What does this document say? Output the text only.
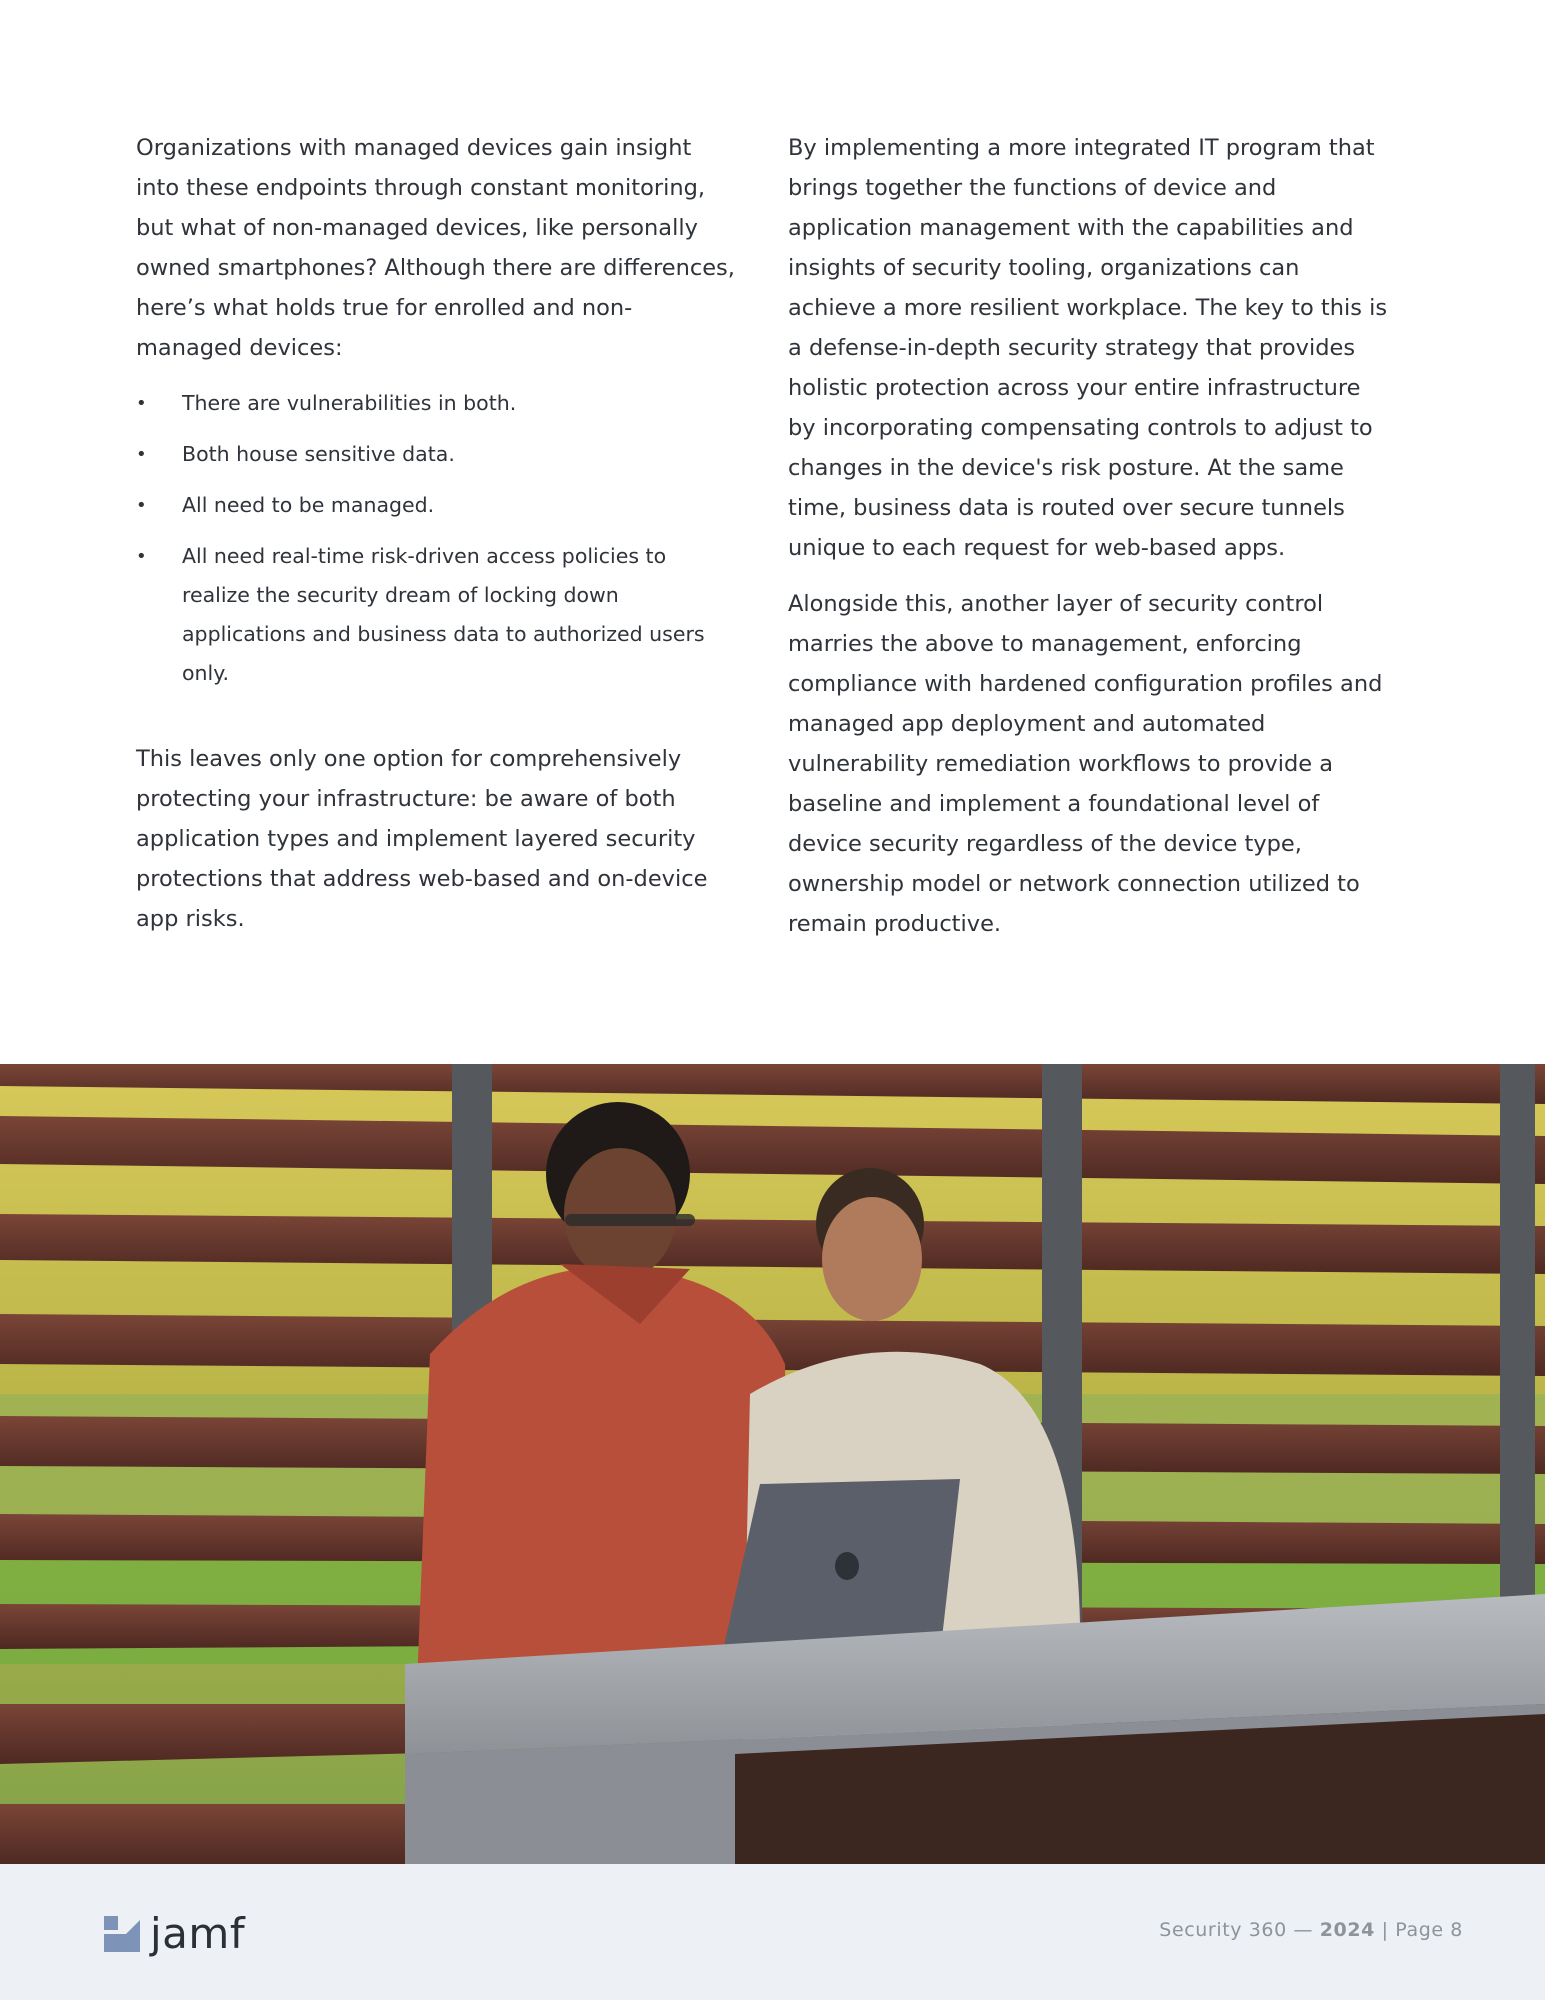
Organizations with managed devices gain insight into these endpoints through constant monitoring, but what of non-managed devices, like personally owned smartphones? Although there are differences, here’s what holds true for enrolled and non-managed devices:

• There are vulnerabilities in both.
• Both house sensitive data.
• All need to be managed.
• All need real-time risk-driven access policies to realize the security dream of locking down applications and business data to authorized users only.

This leaves only one option for comprehensively protecting your infrastructure: be aware of both application types and implement layered security protections that address web-based and on-device app risks.

By implementing a more integrated IT program that brings together the functions of device and application management with the capabilities and insights of security tooling, organizations can achieve a more resilient workplace. The key to this is a defense-in-depth security strategy that provides holistic protection across your entire infrastructure by incorporating compensating controls to adjust to changes in the device's risk posture. At the same time, business data is routed over secure tunnels unique to each request for web-based apps.

Alongside this, another layer of security control marries the above to management, enforcing compliance with hardened configuration profiles and managed app deployment and automated vulnerability remediation workflows to provide a baseline and implement a foundational level of device security regardless of the device type, ownership model or network connection utilized to remain productive.

jamf	Security 360 — 2024 | Page 8
